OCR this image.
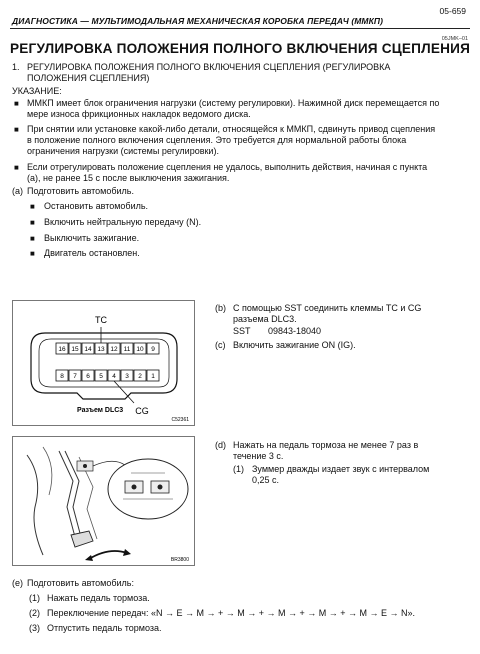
05-659
ДИАГНОСТИКА — МУЛЬТИМОДАЛЬНАЯ МЕХАНИЧЕСКАЯ КОРОБКА ПЕРЕДАЧ (ММКП)
05JMK–01
РЕГУЛИРОВКА ПОЛОЖЕНИЯ ПОЛНОГО ВКЛЮЧЕНИЯ СЦЕПЛЕНИЯ
1. РЕГУЛИРОВКА ПОЛОЖЕНИЯ ПОЛНОГО ВКЛЮЧЕНИЯ СЦЕПЛЕНИЯ (РЕГУЛИРОВКА
ПОЛОЖЕНИЯ СЦЕПЛЕНИЯ)
УКАЗАНИЕ:
■ ММКП имеет блок ограничения нагрузки (систему регулировки). Нажимной диск перемещается по
мере износа фрикционных накладок ведомого диска.
■ При снятии или установке какой-либо детали, относящейся к ММКП, сдвинуть привод сцепления
в положение полного включения сцепления. Это требуется для нормальной работы блока
ограничения нагрузки (системы регулировки).
■ Если отрегулировать положение сцепления не удалось, выполнить действия, начиная с пункта
(а), не ранее 15 с после выключения зажигания.
(a) Подготовить автомобиль.
■ Остановить автомобиль.
■ Включить нейтральную передачу (N).
■ Выключить зажигание.
■ Двигатель остановлен.
16 15 14 13 12 11 10 9
8 7 6 5 4 3 2 1
TC
CG
Разъем DLC3
C52361
(b) С помощью SST соединить клеммы TC и CG
разъема DLC3.
SST 09843-18040
(c) Включить зажигание ON (IG).
BR3800
(d) Нажать на педаль тормоза не менее 7 раз в
течение 3 с.
(1) Зуммер дважды издает звук с интервалом
0,25 с.
(e) Подготовить автомобиль:
(1) Нажать педаль тормоза.
(2) Переключение передач: «N → E → M → + → M → + → M → + → M → + → M → E → N».
(3) Отпустить педаль тормоза.
